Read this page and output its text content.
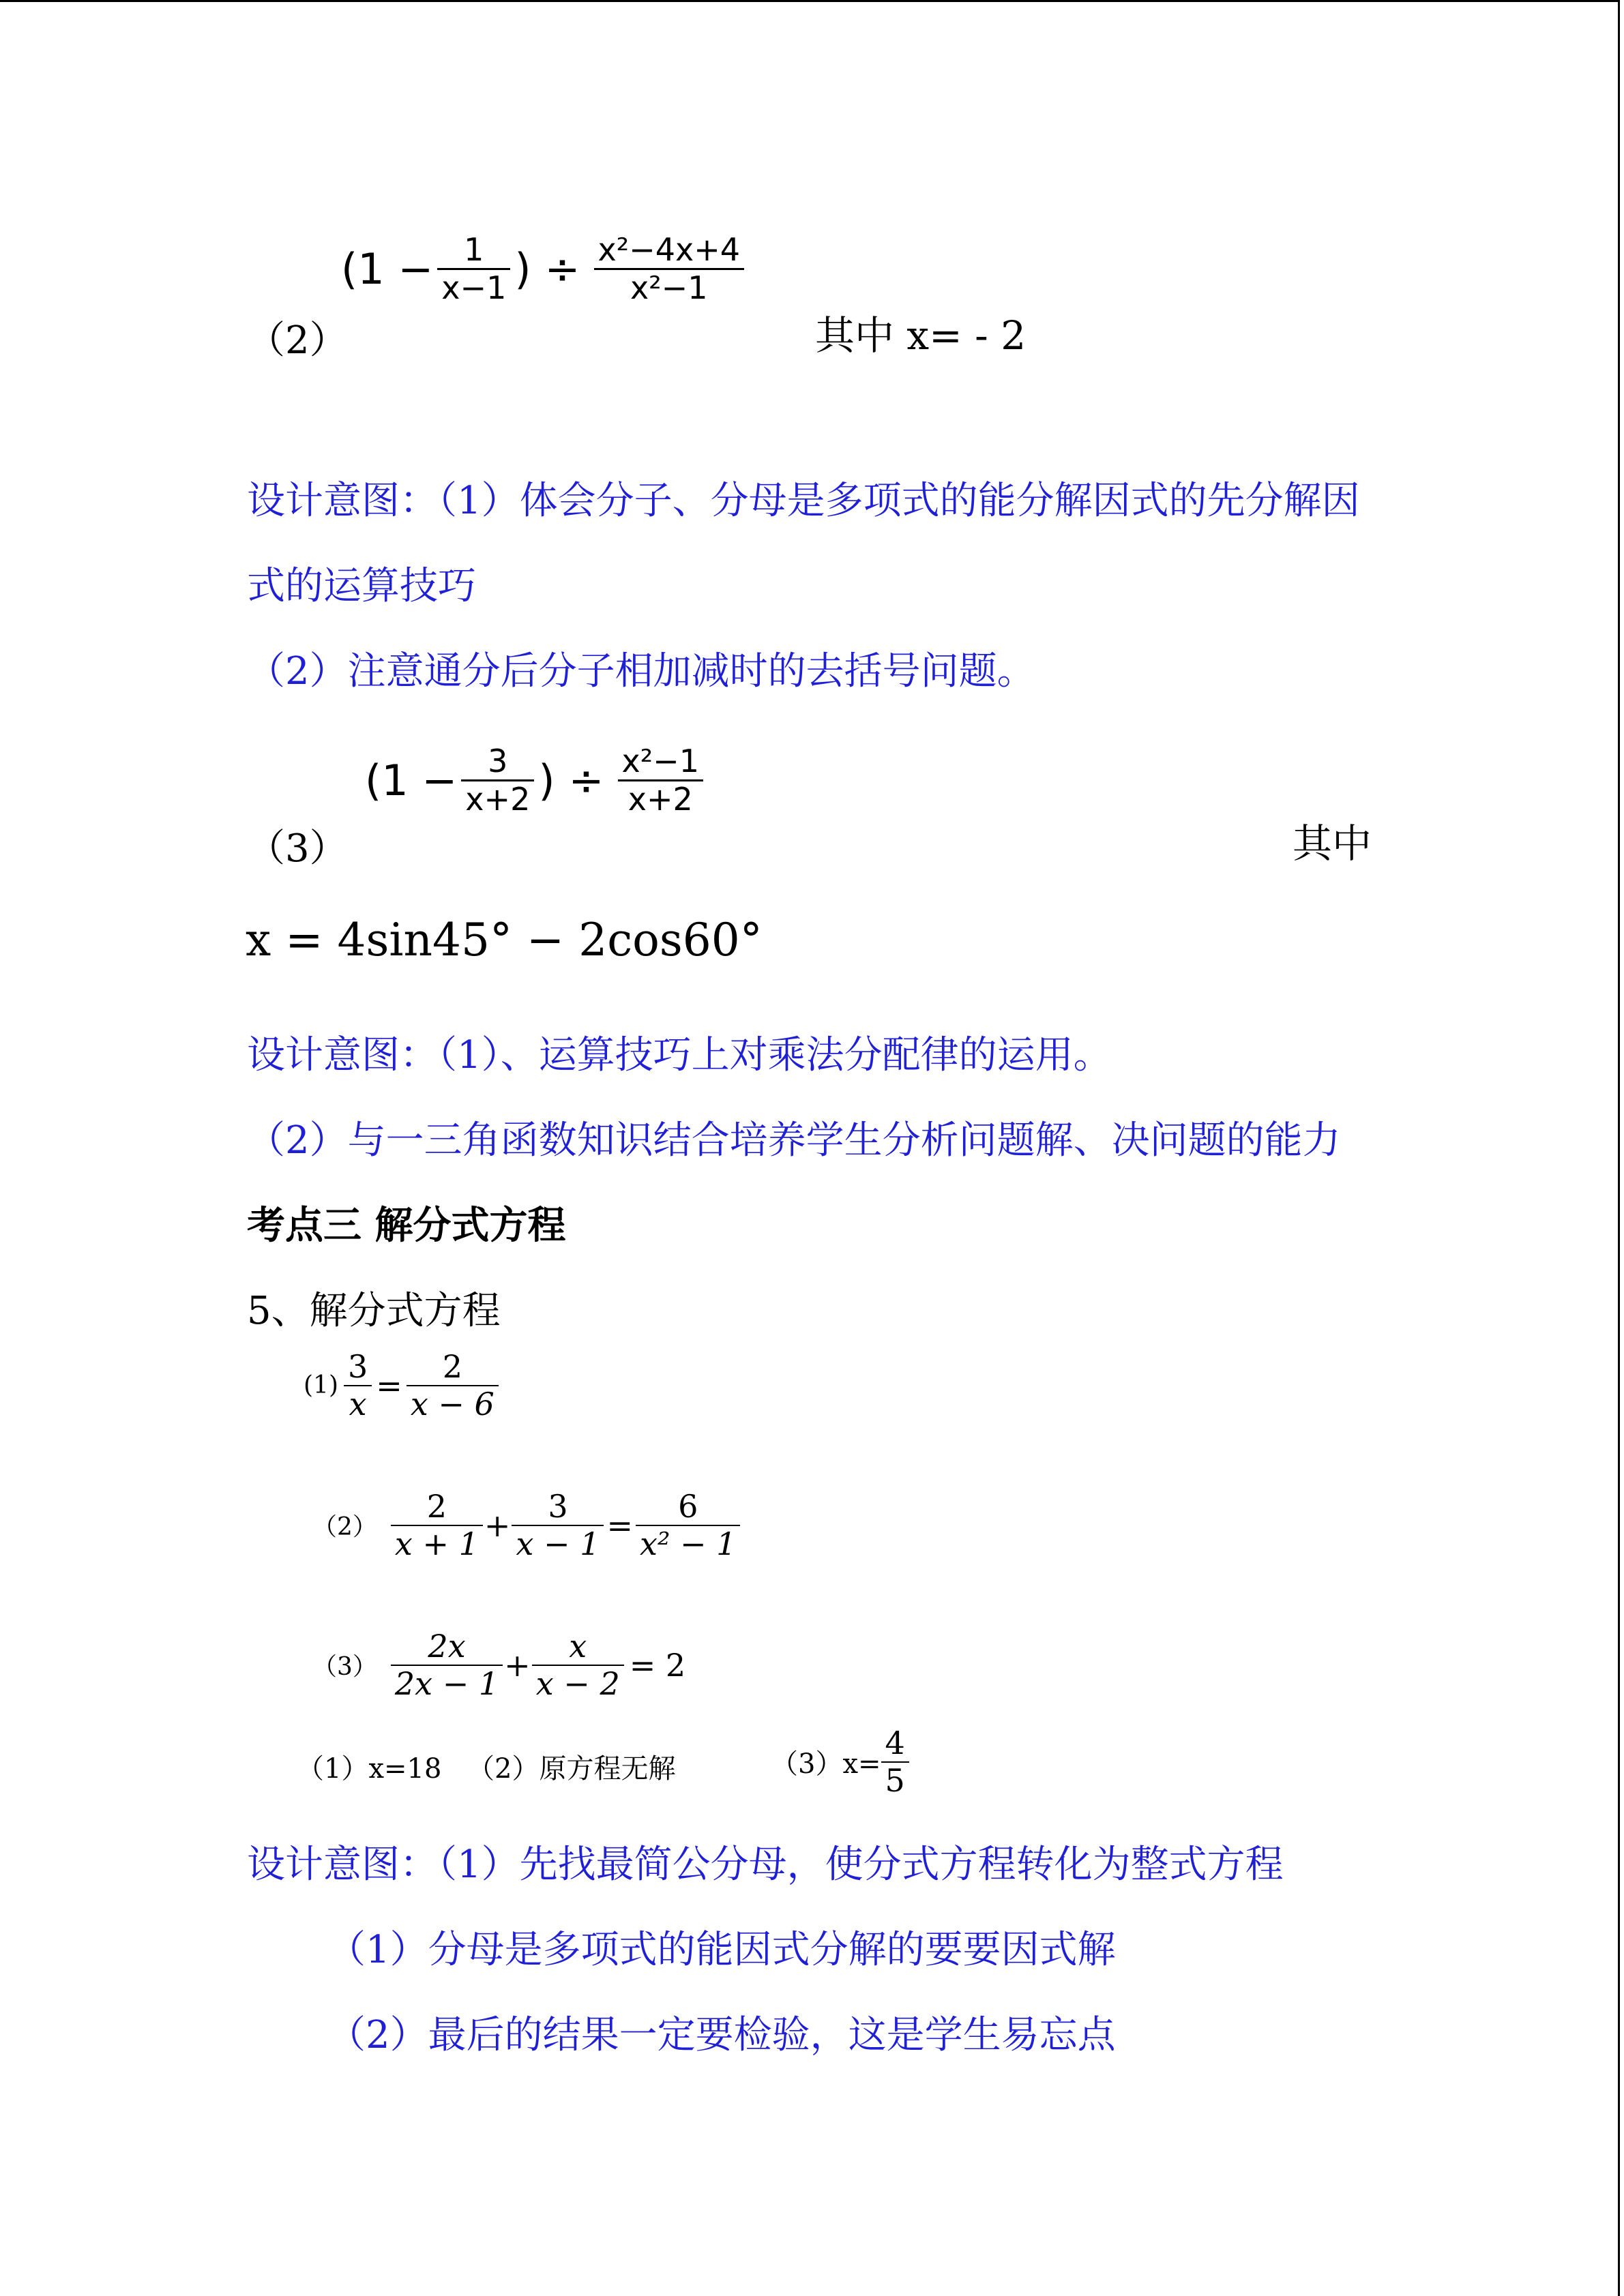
（2）
($1 - \frac{1}{x-1}$ ) ÷ $\frac{\text{x²−4x+4}}{\text{x²−1}}$
其中 x= - 2
设计意图：（1）体会分子、分母是多项式的能分解因式的先分解因
式的运算技巧
（2）注意通分后分子相加减时的去括号问题。
（3）
($1 - \frac{3}{x+2}$ ) ÷ $\frac{\text{x²−1}}{x+2}$
其中
x = 4sin45° − 2cos60°
设计意图：（1）、运算技巧上对乘法分配律的运用。
（2）与一三角函数知识结合培养学生分析问题解、决问题的能力
考点三 解分式方程
5、解分式方程
$(1) \frac{3}{x} = \frac{2}{x - 6}$
$(2) \frac{2}{x + 1} + \frac{3}{x - 1} = \frac{6}{\text{x² − 1}}$
$(3) \frac{2x}{2x - 1} + \frac{x}{x - 2} = 2$
（1）x=18 （2）原方程无解	$(3)x= \frac{4}{5}$
设计意图：（1）先找最简公分母，使分式方程转化为整式方程
（1）分母是多项式的能因式分解的要要因式解
（2）最后的结果一定要检验，这是学生易忘点
